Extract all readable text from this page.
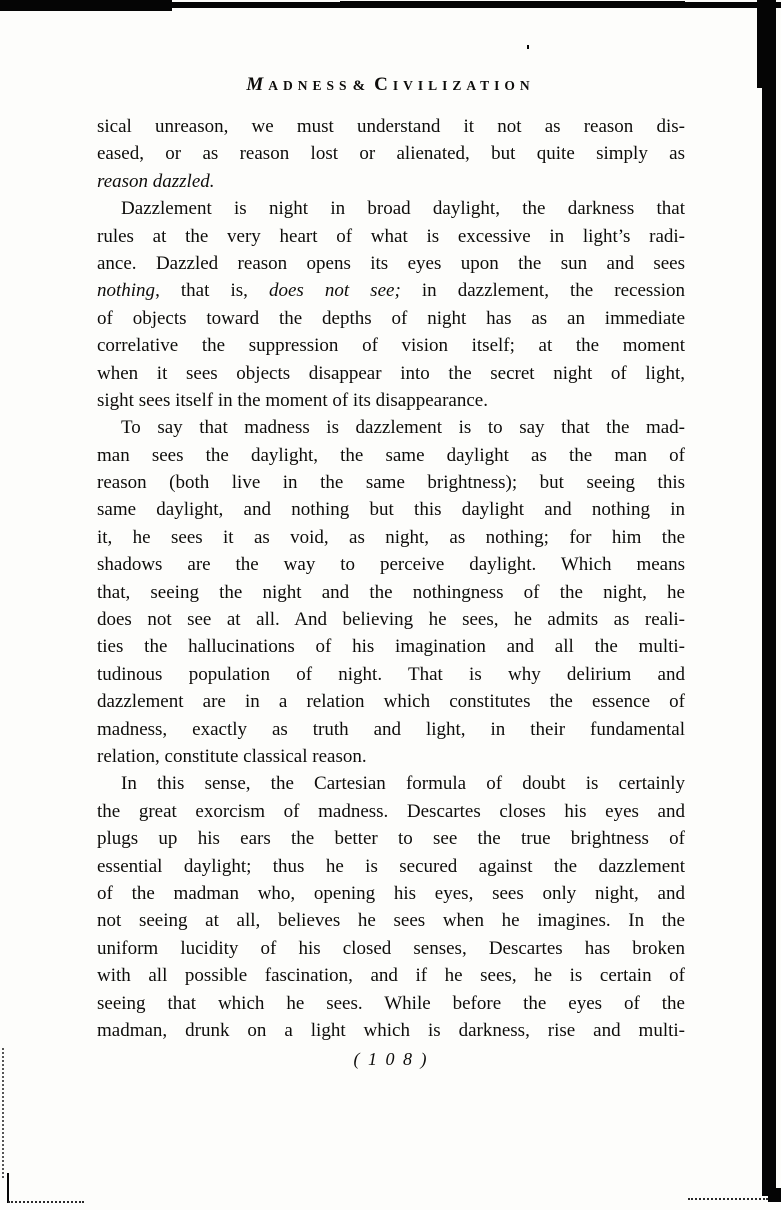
MADNESS& CIVILIZATION
sical unreason, we must understand it not as reason dis-
eased, or as reason lost or alienated, but quite simply as
reason dazzled.
Dazzlement is night in broad daylight, the darkness that
rules at the very heart of what is excessive in light’s radi-
ance. Dazzled reason opens its eyes upon the sun and sees
nothing, that is, does not see; in dazzlement, the recession
of objects toward the depths of night has as an immediate
correlative the suppression of vision itself; at the moment
when it sees objects disappear into the secret night of light,
sight sees itself in the moment of its disappearance.
To say that madness is dazzlement is to say that the mad-
man sees the daylight, the same daylight as the man of
reason (both live in the same brightness); but seeing this
same daylight, and nothing but this daylight and nothing in
it, he sees it as void, as night, as nothing; for him the
shadows are the way to perceive daylight. Which means
that, seeing the night and the nothingness of the night, he
does not see at all. And believing he sees, he admits as reali-
ties the hallucinations of his imagination and all the multi-
tudinous population of night. That is why delirium and
dazzlement are in a relation which constitutes the essence of
madness, exactly as truth and light, in their fundamental
relation, constitute classical reason.
In this sense, the Cartesian formula of doubt is certainly
the great exorcism of madness. Descartes closes his eyes and
plugs up his ears the better to see the true brightness of
essential daylight; thus he is secured against the dazzlement
of the madman who, opening his eyes, sees only night, and
not seeing at all, believes he sees when he imagines. In the
uniform lucidity of his closed senses, Descartes has broken
with all possible fascination, and if he sees, he is certain of
seeing that which he sees. While before the eyes of the
madman, drunk on a light which is darkness, rise and multi-
( 1 0 8 )
